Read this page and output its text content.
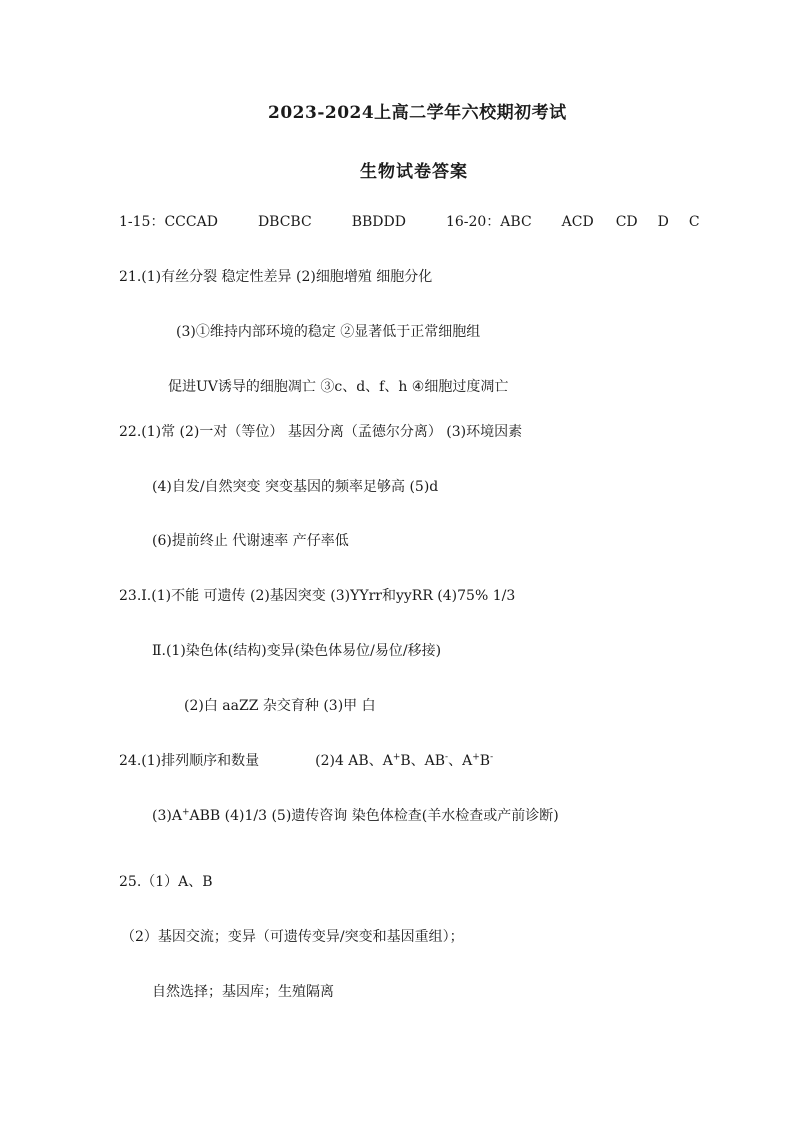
2023-2024上高二学年六校期初考试
生物试卷答案
1-15：CCCAD	DBCBC	BBDDD	16-20：ABC ACD CD D C
21.(1)有丝分裂 稳定性差异 (2)细胞增殖 细胞分化
(3)①维持内部环境的稳定 ②显著低于正常细胞组
促进UV诱导的细胞凋亡 ③c、d、f、h ④细胞过度凋亡
22.(1)常 (2)一对（等位） 基因分离（孟德尔分离） (3)环境因素
(4)自发/自然突变 突变基因的频率足够高 (5)d
(6)提前终止 代谢速率 产仔率低
23.Ⅰ.(1)不能 可遗传 (2)基因突变 (3)YYrr和yyRR (4)75% 1/3
Ⅱ.(1)染色体(结构)变异(染色体易位/易位/移接)
(2)白 aaZZ 杂交育种 (3)甲 白
24.(1)排列顺序和数量	(2)4 AB、A+B、AB-、A+B-
(3)A+ABB (4)1/3 (5)遗传咨询 染色体检查(羊水检查或产前诊断)
25.（1）A、B
（2）基因交流；变异（可遗传变异/突变和基因重组）；
自然选择；基因库；生殖隔离
